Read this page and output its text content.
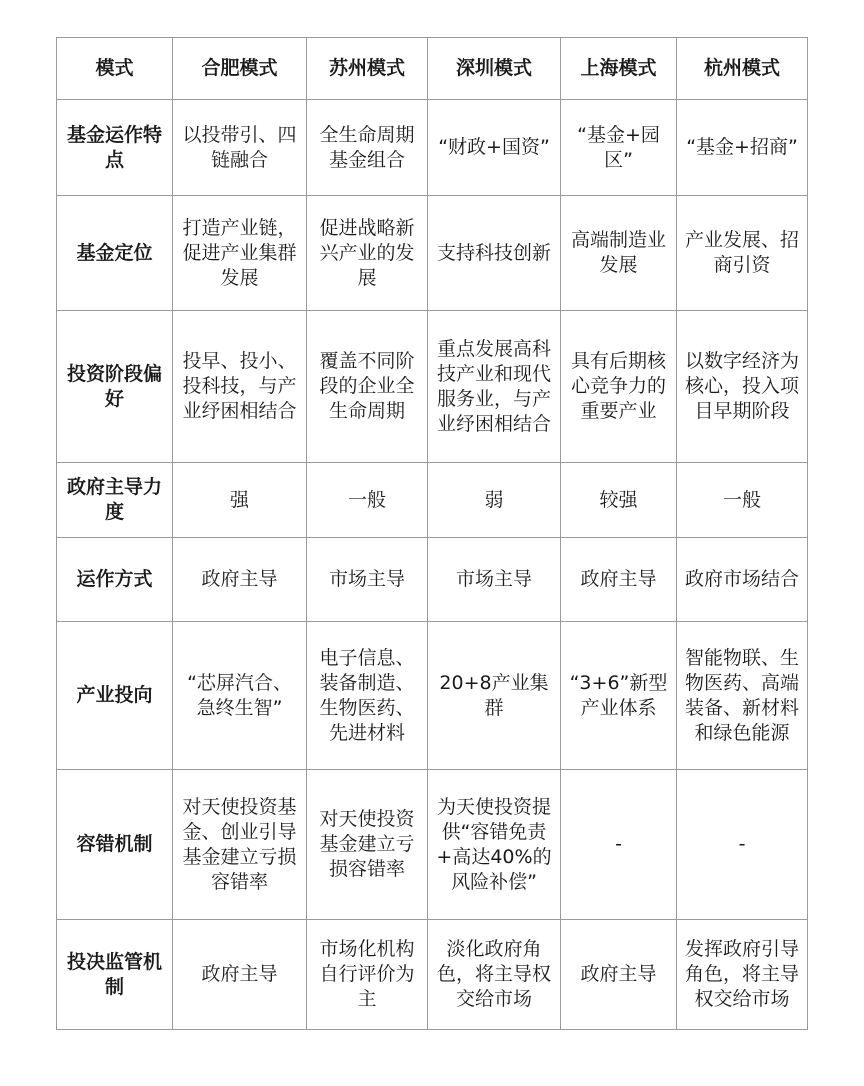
模式	合肥模式	苏州模式	深圳模式	上海模式	杭州模式
基金运作特点	以投带引、四链融合	全生命周期基金组合	“财政+国资”	“基金+园区”	“基金+招商”
基金定位	打造产业链，促进产业集群发展	促进战略新兴产业的发展	支持科技创新	高端制造业发展	产业发展、招商引资
投资阶段偏好	投早、投小、投科技，与产业纾困相结合	覆盖不同阶段的企业全生命周期	重点发展高科技产业和现代服务业，与产业纾困相结合	具有后期核心竞争力的重要产业	以数字经济为核心，投入项目早期阶段
政府主导力度	强	一般	弱	较强	一般
运作方式	政府主导	市场主导	市场主导	政府主导	政府市场结合
产业投向	“芯屏汽合、急终生智”	电子信息、装备制造、生物医药、先进材料	20+8产业集群	“3+6”新型产业体系	智能物联、生物医药、高端装备、新材料和绿色能源
容错机制	对天使投资基金、创业引导基金建立亏损容错率	对天使投资基金建立亏损容错率	为天使投资提供“容错免责+高达40%的风险补偿”	-	-
投决监管机制	政府主导	市场化机构自行评价为主	淡化政府角色，将主导权交给市场	政府主导	发挥政府引导角色，将主导权交给市场
